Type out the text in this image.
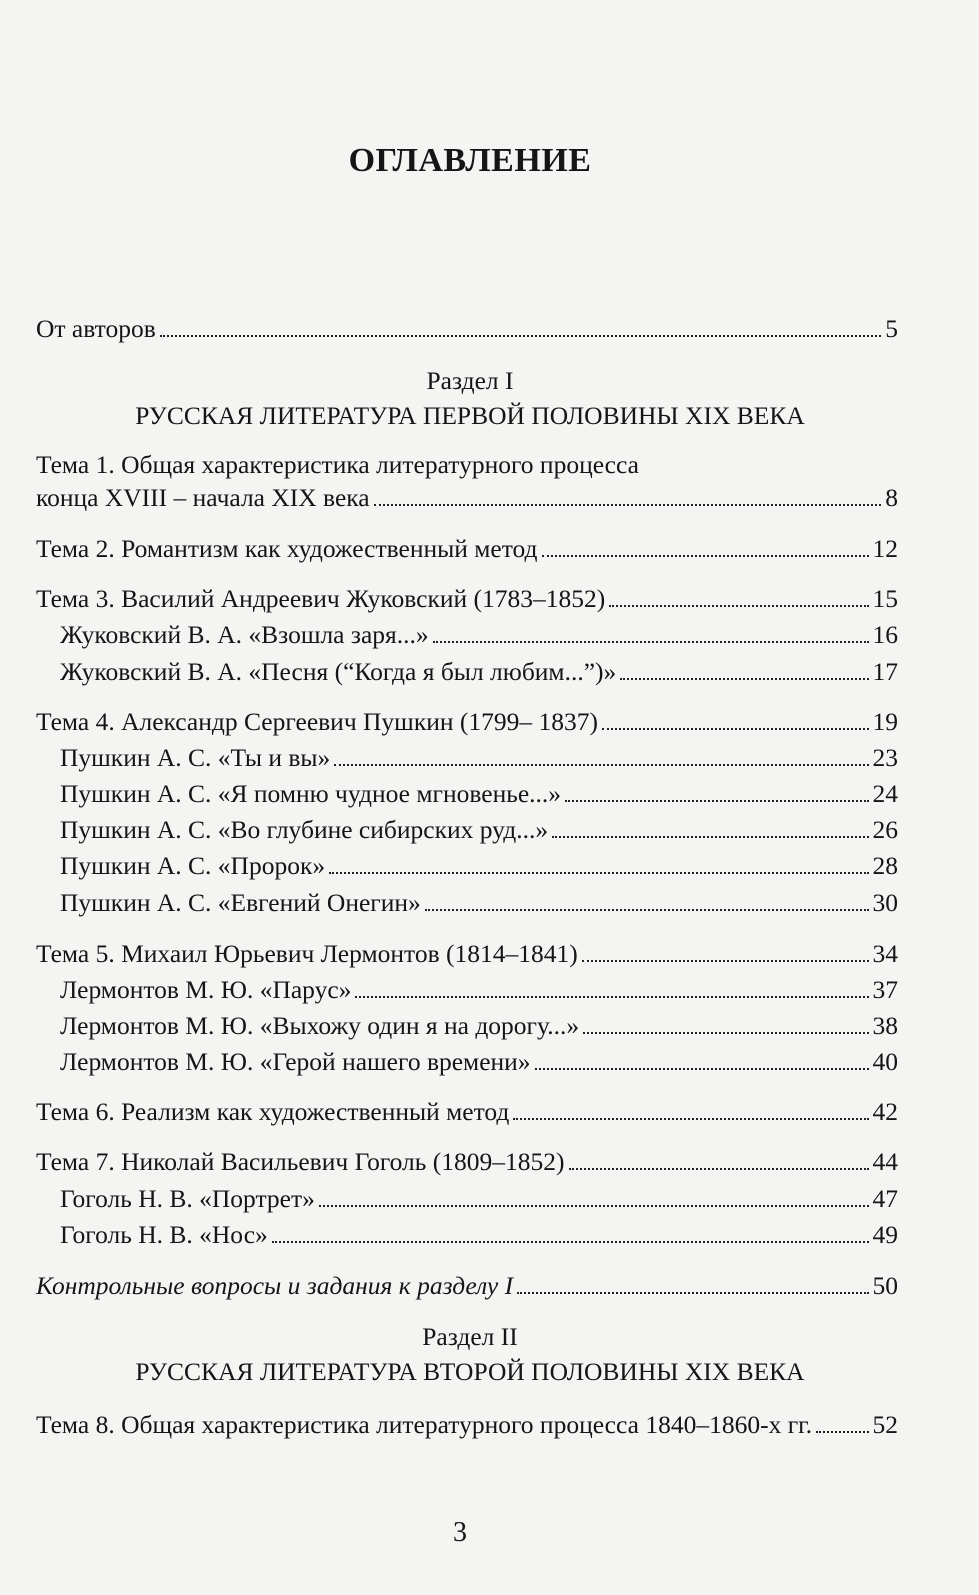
ОГЛАВЛЕНИЕ
От авторов	5
Раздел I
РУССКАЯ ЛИТЕРАТУРА ПЕРВОЙ ПОЛОВИНЫ XIX ВЕКА
Тема 1. Общая характеристика литературного процесса
конца XVIII – начала XIX века	8
Тема 2. Романтизм как художественный метод	12
Тема 3. Василий Андреевич Жуковский (1783–1852)	15
Жуковский В. А. «Взошла заря...»	16
Жуковский В. А. «Песня (“Когда я был любим...”)»	17
Тема 4. Александр Сергеевич Пушкин (1799– 1837)	19
Пушкин А. С. «Ты и вы»	23
Пушкин А. С. «Я помню чудное мгновенье...»	24
Пушкин А. С. «Во глубине сибирских руд...»	26
Пушкин А. С. «Пророк»	28
Пушкин А. С. «Евгений Онегин»	30
Тема 5. Михаил Юрьевич Лермонтов (1814–1841)	34
Лермонтов М. Ю. «Парус»	37
Лермонтов М. Ю. «Выхожу один я на дорогу...»	38
Лермонтов М. Ю. «Герой нашего времени»	40
Тема 6. Реализм как художественный метод	42
Тема 7. Николай Васильевич Гоголь (1809–1852)	44
Гоголь Н. В. «Портрет»	47
Гоголь Н. В. «Нос»	49
Контрольные вопросы и задания к разделу I	50
Раздел II
РУССКАЯ ЛИТЕРАТУРА ВТОРОЙ ПОЛОВИНЫ XIX ВЕКА
Тема 8. Общая характеристика литературного процесса 1840–1860-х гг. 52
3
